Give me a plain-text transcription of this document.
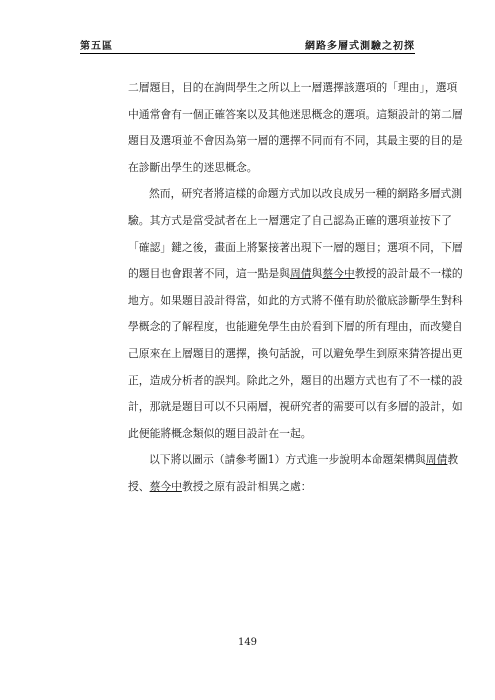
第五區	網路多層式測驗之初探

二層題目，目的在詢問學生之所以上一層選擇該選項的「理由」，選項

中通常會有一個正確答案以及其他迷思概念的選項。這類設計的第二層

題目及選項並不會因為第一層的選擇不同而有不同，其最主要的目的是

在診斷出學生的迷思概念。

然而，研究者將這樣的命題方式加以改良成另一種的網路多層式測

驗。其方式是當受試者在上一層選定了自己認為正確的選項並按下了

「確認」鍵之後，畫面上將緊接著出現下一層的題目；選項不同，下層

的題目也會跟著不同，這一點是與周倩與蔡今中教授的設計最不一樣的

地方。如果題目設計得當，如此的方式將不僅有助於徹底診斷學生對科

學概念的了解程度，也能避免學生由於看到下層的所有理由，而改變自

己原來在上層題目的選擇，換句話說，可以避免學生到原來猜答提出更

正，造成分析者的誤判。除此之外，題目的出題方式也有了不一樣的設

計，那就是題目可以不只兩層，視研究者的需要可以有多層的設計，如

此便能將概念類似的題目設計在一起。

以下將以圖示（請參考圖1）方式進一步說明本命題架構與周倩教

授、蔡今中教授之原有設計相異之處：

149
